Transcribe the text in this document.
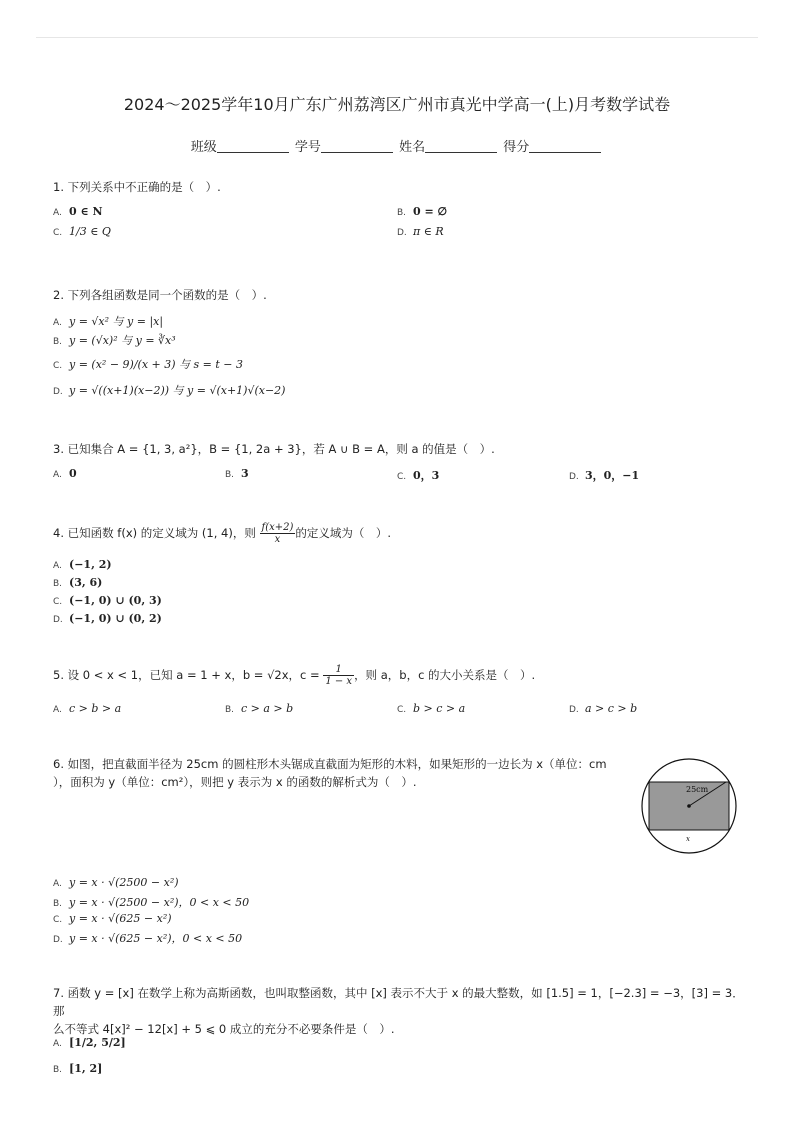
2024～2025学年10月广东广州荔湾区广州市真光中学高一(上)月考数学试卷
班级	学号	姓名	得分
1. 下列关系中不正确的是（　）.
A. 0 ∈ N	B. 0 = ∅
C. 1/3 ∈ Q	D. π ∈ R
2. 下列各组函数是同一个函数的是（　）.
A. y = √x² 与 y = |x|
B. y = (√x)² 与 y = ∛x³
C. y = (x² − 9)/(x + 3) 与 s = t − 3
D. y = √((x+1)(x−2)) 与 y = √(x+1)√(x−2)
3. 已知集合 A = {1, 3, a²}，B = {1, 2a + 3}，若 A ∪ B = A，则 a 的值是（　）.
A. 0	B. 3	C. 0，3	D. 3，0，−1
4. 已知函数 f(x) 的定义域为 (1, 4)，则 $\frac{f(x+2)}{x}$ 的定义域为（　）.
A. (−1, 2)
B. (3, 6)
C. (−1, 0) ∪ (0, 3)
D. (−1, 0) ∪ (0, 2)
5. 设 0 < x < 1，已知 a = 1 + x，b = √2x，$c = \frac{1}{1 - x}$ ，则 a，b，c 的大小关系是（　）.
A. c > b > a	B. c > a > b	C. b > c > a	D. a > c > b
6. 如图，把直截面半径为 25cm 的圆柱形木头锯成直截面为矩形的木料，如果矩形的一边长为 x（单位：cm
），面积为 y（单位：cm²），则把 y 表示为 x 的函数的解析式为（　）.
25cm
x
A. y = x · √(2500 − x²)
B. y = x · √(2500 − x²)，0 < x < 50
C. y = x · √(625 − x²)
D. y = x · √(625 − x²)，0 < x < 50
7. 函数 y = [x] 在数学上称为高斯函数，也叫取整函数，其中 [x] 表示不大于 x 的最大整数，如 [1.5] = 1，[−2.3] = −3，[3] = 3．那
么不等式 4[x]² − 12[x] + 5 ⩽ 0 成立的充分不必要条件是（　）.
A. [1/2, 5/2]
B. [1, 2]
